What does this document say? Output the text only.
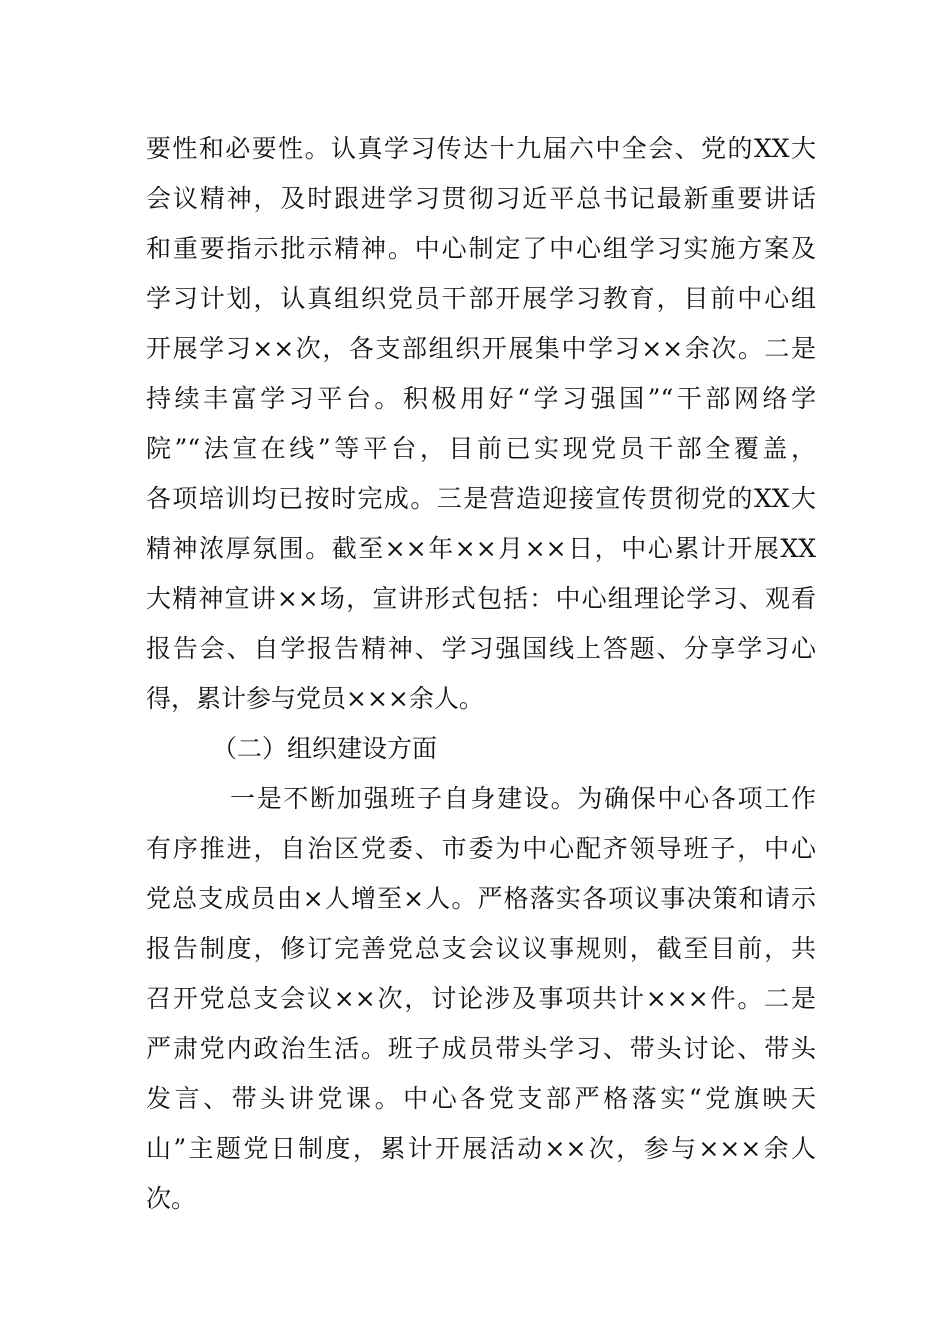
要性和必要性。认真学习传达十九届六中全会、党的XX大
会议精神，及时跟进学习贯彻习近平总书记最新重要讲话
和重要指示批示精神。中心制定了中心组学习实施方案及
学习计划，认真组织党员干部开展学习教育，目前中心组
开展学习××次，各支部组织开展集中学习××余次。二是
持续丰富学习平台。积极用好“学习强国”“干部网络学
院”“法宣在线”等平台，目前已实现党员干部全覆盖，
各项培训均已按时完成。三是营造迎接宣传贯彻党的XX大
精神浓厚氛围。截至××年××月××日，中心累计开展XX
大精神宣讲××场，宣讲形式包括：中心组理论学习、观看
报告会、自学报告精神、学习强国线上答题、分享学习心
得，累计参与党员×××余人。
（二）组织建设方面
一是不断加强班子自身建设。为确保中心各项工作
有序推进，自治区党委、市委为中心配齐领导班子，中心
党总支成员由×人增至×人。严格落实各项议事决策和请示
报告制度，修订完善党总支会议议事规则，截至目前，共
召开党总支会议××次，讨论涉及事项共计×××件。二是
严肃党内政治生活。班子成员带头学习、带头讨论、带头
发言、带头讲党课。中心各党支部严格落实“党旗映天
山”主题党日制度，累计开展活动××次，参与×××余人
次。
